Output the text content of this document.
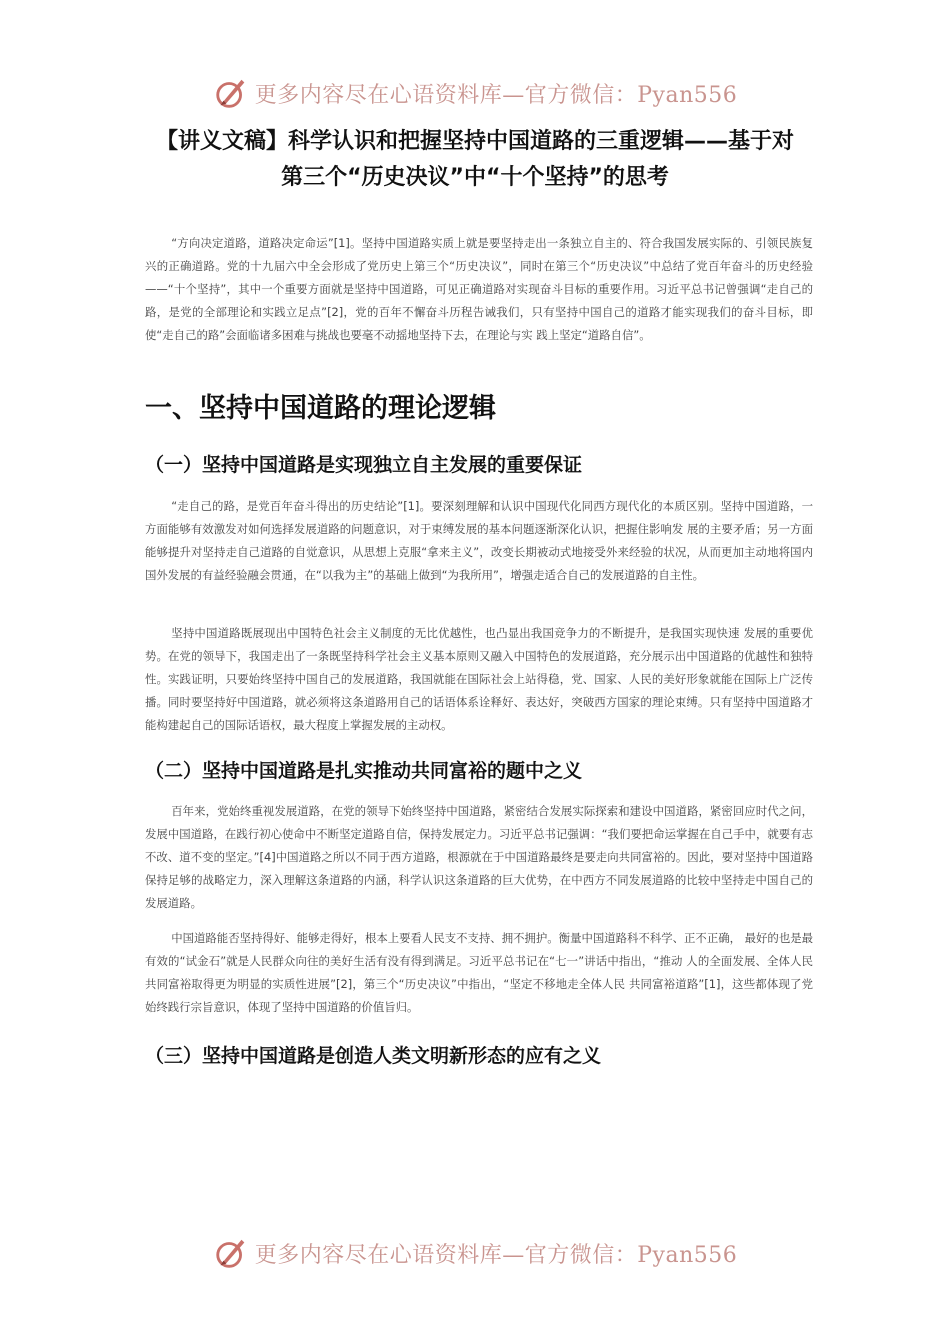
更多内容尽在心语资料库—官方微信：Pyan556
【讲义文稿】科学认识和把握坚持中国道路的三重逻辑——基于对
第三个“历史决议”中“十个坚持”的思考

“方向决定道路，道路决定命运”[1]。坚持中国道路实质上就是要坚持走出一条独立自主的、符合我国发展实际的、引领民族复兴的正确道路。党的十九届六中全会形成了党历史上第三个“历史决议”，同时在第三个“历史决议”中总结了党百年奋斗的历史经验——“十个坚持”，其中一个重要方面就是坚持中国道路，可见正确道路对实现奋斗目标的重要作用。习近平总书记曾强调“走自己的路，是党的全部理论和实践立足点”[2]，党的百年不懈奋斗历程告诫我们，只有坚持中国自己的道路才能实现我们的奋斗目标，即使“走自己的路”会面临诸多困难与挑战也要毫不动摇地坚持下去，在理论与实 践上坚定“道路自信”。

一、坚持中国道路的理论逻辑
（一）坚持中国道路是实现独立自主发展的重要保证

“走自己的路，是党百年奋斗得出的历史结论”[1]。要深刻理解和认识中国现代化同西方现代化的本质区别。坚持中国道路，一方面能够有效激发对如何选择发展道路的问题意识，对于束缚发展的基本问题逐渐深化认识，把握住影响发 展的主要矛盾；另一方面能够提升对坚持走自己道路的自觉意识，从思想上克服“拿来主义”，改变长期被动式地接受外来经验的状况，从而更加主动地将国内国外发展的有益经验融会贯通，在“以我为主”的基础上做到“为我所用”，增强走适合自己的发展道路的自主性。

坚持中国道路既展现出中国特色社会主义制度的无比优越性，也凸显出我国竞争力的不断提升，是我国实现快速 发展的重要优势。在党的领导下，我国走出了一条既坚持科学社会主义基本原则又融入中国特色的发展道路，充分展示出中国道路的优越性和独特性。实践证明，只要始终坚持中国自己的发展道路，我国就能在国际社会上站得稳，党、国家、人民的美好形象就能在国际上广泛传播。同时要坚持好中国道路，就必须将这条道路用自己的话语体系诠释好、表达好，突破西方国家的理论束缚。只有坚持中国道路才能构建起自己的国际话语权，最大程度上掌握发展的主动权。

（二）坚持中国道路是扎实推动共同富裕的题中之义

百年来，党始终重视发展道路，在党的领导下始终坚持中国道路，紧密结合发展实际探索和建设中国道路，紧密回应时代之问，发展中国道路，在践行初心使命中不断坚定道路自信，保持发展定力。习近平总书记强调：“我们要把命运掌握在自己手中，就要有志不改、道不变的坚定。”[4]中国道路之所以不同于西方道路，根源就在于中国道路最终是要走向共同富裕的。因此，要对坚持中国道路保持足够的战略定力，深入理解这条道路的内涵，科学认识这条道路的巨大优势，在中西方不同发展道路的比较中坚持走中国自己的发展道路。

中国道路能否坚持得好、能够走得好，根本上要看人民支不支持、拥不拥护。衡量中国道路科不科学、正不正确， 最好的也是最有效的“试金石”就是人民群众向往的美好生活有没有得到满足。习近平总书记在“七一”讲话中指出，“推动 人的全面发展、全体人民共同富裕取得更为明显的实质性进展”[2]，第三个“历史决议”中指出，“坚定不移地走全体人民 共同富裕道路”[1]，这些都体现了党始终践行宗旨意识，体现了坚持中国道路的价值旨归。

（三）坚持中国道路是创造人类文明新形态的应有之义
更多内容尽在心语资料库—官方微信：Pyan556
